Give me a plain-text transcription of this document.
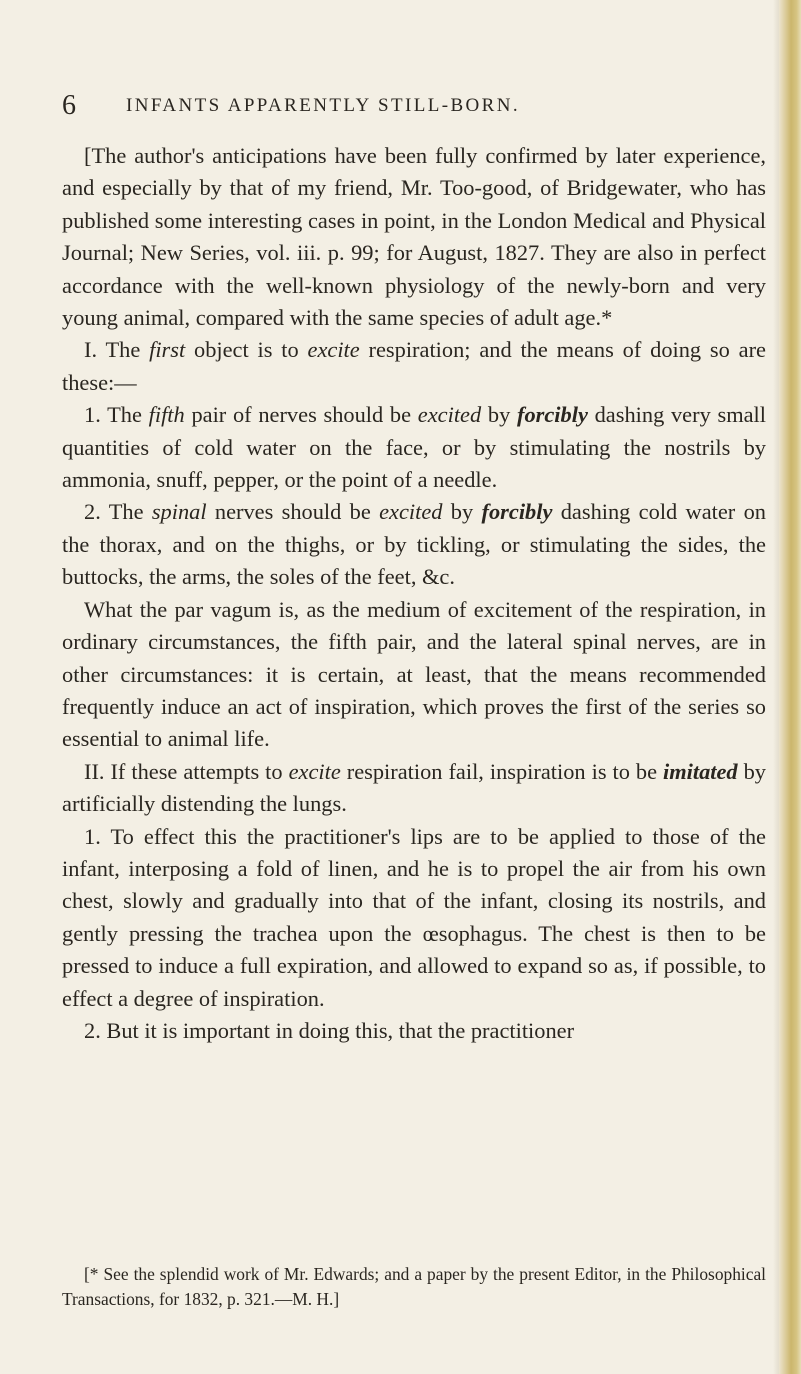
6	INFANTS APPARENTLY STILL-BORN.

[The author's anticipations have been fully confirmed by later experience, and especially by that of my friend, Mr. Too-good, of Bridgewater, who has published some interesting cases in point, in the London Medical and Physical Journal; New Series, vol. iii. p. 99; for August, 1827. They are also in perfect accordance with the well-known physiology of the newly-born and very young animal, compared with the same species of adult age.*

I. The first object is to excite respiration; and the means of doing so are these:—

1. The fifth pair of nerves should be excited by forcibly dashing very small quantities of cold water on the face, or by stimulating the nostrils by ammonia, snuff, pepper, or the point of a needle.

2. The spinal nerves should be excited by forcibly dashing cold water on the thorax, and on the thighs, or by tickling, or stimulating the sides, the buttocks, the arms, the soles of the feet, &c.

What the par vagum is, as the medium of excitement of the respiration, in ordinary circumstances, the fifth pair, and the lateral spinal nerves, are in other circumstances: it is certain, at least, that the means recommended frequently induce an act of inspiration, which proves the first of the series so essential to animal life.

II. If these attempts to excite respiration fail, inspiration is to be imitated by artificially distending the lungs.

1. To effect this the practitioner's lips are to be applied to those of the infant, interposing a fold of linen, and he is to propel the air from his own chest, slowly and gradually into that of the infant, closing its nostrils, and gently pressing the trachea upon the œsophagus. The chest is then to be pressed to induce a full expiration, and allowed to expand so as, if possible, to effect a degree of inspiration.

2. But it is important in doing this, that the practitioner

[* See the splendid work of Mr. Edwards; and a paper by the present Editor, in the Philosophical Transactions, for 1832, p. 321.—M. H.]
